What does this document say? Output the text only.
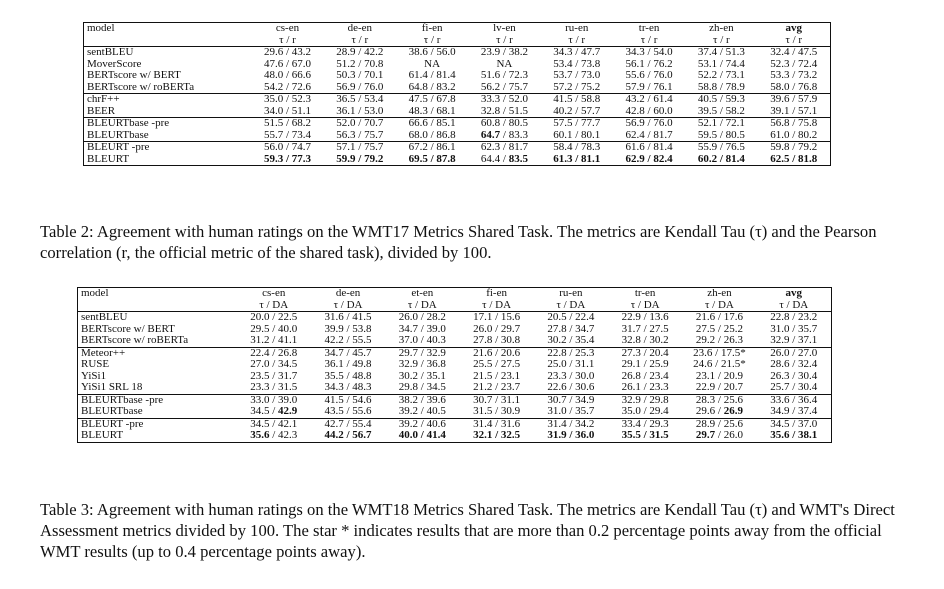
model	cs-en	de-en	fi-en	lv-en	ru-en	tr-en	zh-en	avg
	τ / r	τ / r	τ / r	τ / r	τ / r	τ / r	τ / r	τ / r
sentBLEU	29.6 / 43.2	28.9 / 42.2	38.6 / 56.0	23.9 / 38.2	34.3 / 47.7	34.3 / 54.0	37.4 / 51.3	32.4 / 47.5
MoverScore	47.6 / 67.0	51.2 / 70.8	NA	NA	53.4 / 73.8	56.1 / 76.2	53.1 / 74.4	52.3 / 72.4
BERTscore w/ BERT	48.0 / 66.6	50.3 / 70.1	61.4 / 81.4	51.6 / 72.3	53.7 / 73.0	55.6 / 76.0	52.2 / 73.1	53.3 / 73.2
BERTscore w/ roBERTa	54.2 / 72.6	56.9 / 76.0	64.8 / 83.2	56.2 / 75.7	57.2 / 75.2	57.9 / 76.1	58.8 / 78.9	58.0 / 76.8
chrF++	35.0 / 52.3	36.5 / 53.4	47.5 / 67.8	33.3 / 52.0	41.5 / 58.8	43.2 / 61.4	40.5 / 59.3	39.6 / 57.9
BEER	34.0 / 51.1	36.1 / 53.0	48.3 / 68.1	32.8 / 51.5	40.2 / 57.7	42.8 / 60.0	39.5 / 58.2	39.1 / 57.1
BLEURTbase -pre	51.5 / 68.2	52.0 / 70.7	66.6 / 85.1	60.8 / 80.5	57.5 / 77.7	56.9 / 76.0	52.1 / 72.1	56.8 / 75.8
BLEURTbase	55.7 / 73.4	56.3 / 75.7	68.0 / 86.8	64.7 / 83.3	60.1 / 80.1	62.4 / 81.7	59.5 / 80.5	61.0 / 80.2
BLEURT -pre	56.0 / 74.7	57.1 / 75.7	67.2 / 86.1	62.3 / 81.7	58.4 / 78.3	61.6 / 81.4	55.9 / 76.5	59.8 / 79.2
BLEURT	59.3 / 77.3	59.9 / 79.2	69.5 / 87.8	64.4 / 83.5	61.3 / 81.1	62.9 / 82.4	60.2 / 81.4	62.5 / 81.8
Table 2: Agreement with human ratings on the WMT17 Metrics Shared Task. The metrics are Kendall Tau (τ) and the Pearson correlation (r, the official metric of the shared task), divided by 100.
model	cs-en	de-en	et-en	fi-en	ru-en	tr-en	zh-en	avg
	τ / DA	τ / DA	τ / DA	τ / DA	τ / DA	τ / DA	τ / DA	τ / DA
sentBLEU	20.0 / 22.5	31.6 / 41.5	26.0 / 28.2	17.1 / 15.6	20.5 / 22.4	22.9 / 13.6	21.6 / 17.6	22.8 / 23.2
BERTscore w/ BERT	29.5 / 40.0	39.9 / 53.8	34.7 / 39.0	26.0 / 29.7	27.8 / 34.7	31.7 / 27.5	27.5 / 25.2	31.0 / 35.7
BERTscore w/ roBERTa	31.2 / 41.1	42.2 / 55.5	37.0 / 40.3	27.8 / 30.8	30.2 / 35.4	32.8 / 30.2	29.2 / 26.3	32.9 / 37.1
Meteor++	22.4 / 26.8	34.7 / 45.7	29.7 / 32.9	21.6 / 20.6	22.8 / 25.3	27.3 / 20.4	23.6 / 17.5*	26.0 / 27.0
RUSE	27.0 / 34.5	36.1 / 49.8	32.9 / 36.8	25.5 / 27.5	25.0 / 31.1	29.1 / 25.9	24.6 / 21.5*	28.6 / 32.4
YiSi1	23.5 / 31.7	35.5 / 48.8	30.2 / 35.1	21.5 / 23.1	23.3 / 30.0	26.8 / 23.4	23.1 / 20.9	26.3 / 30.4
YiSi1 SRL 18	23.3 / 31.5	34.3 / 48.3	29.8 / 34.5	21.2 / 23.7	22.6 / 30.6	26.1 / 23.3	22.9 / 20.7	25.7 / 30.4
BLEURTbase -pre	33.0 / 39.0	41.5 / 54.6	38.2 / 39.6	30.7 / 31.1	30.7 / 34.9	32.9 / 29.8	28.3 / 25.6	33.6 / 36.4
BLEURTbase	34.5 / 42.9	43.5 / 55.6	39.2 / 40.5	31.5 / 30.9	31.0 / 35.7	35.0 / 29.4	29.6 / 26.9	34.9 / 37.4
BLEURT -pre	34.5 / 42.1	42.7 / 55.4	39.2 / 40.6	31.4 / 31.6	31.4 / 34.2	33.4 / 29.3	28.9 / 25.6	34.5 / 37.0
BLEURT	35.6 / 42.3	44.2 / 56.7	40.0 / 41.4	32.1 / 32.5	31.9 / 36.0	35.5 / 31.5	29.7 / 26.0	35.6 / 38.1
Table 3: Agreement with human ratings on the WMT18 Metrics Shared Task. The metrics are Kendall Tau (τ) and WMT's Direct Assessment metrics divided by 100. The star * indicates results that are more than 0.2 percentage points away from the official WMT results (up to 0.4 percentage points away).
